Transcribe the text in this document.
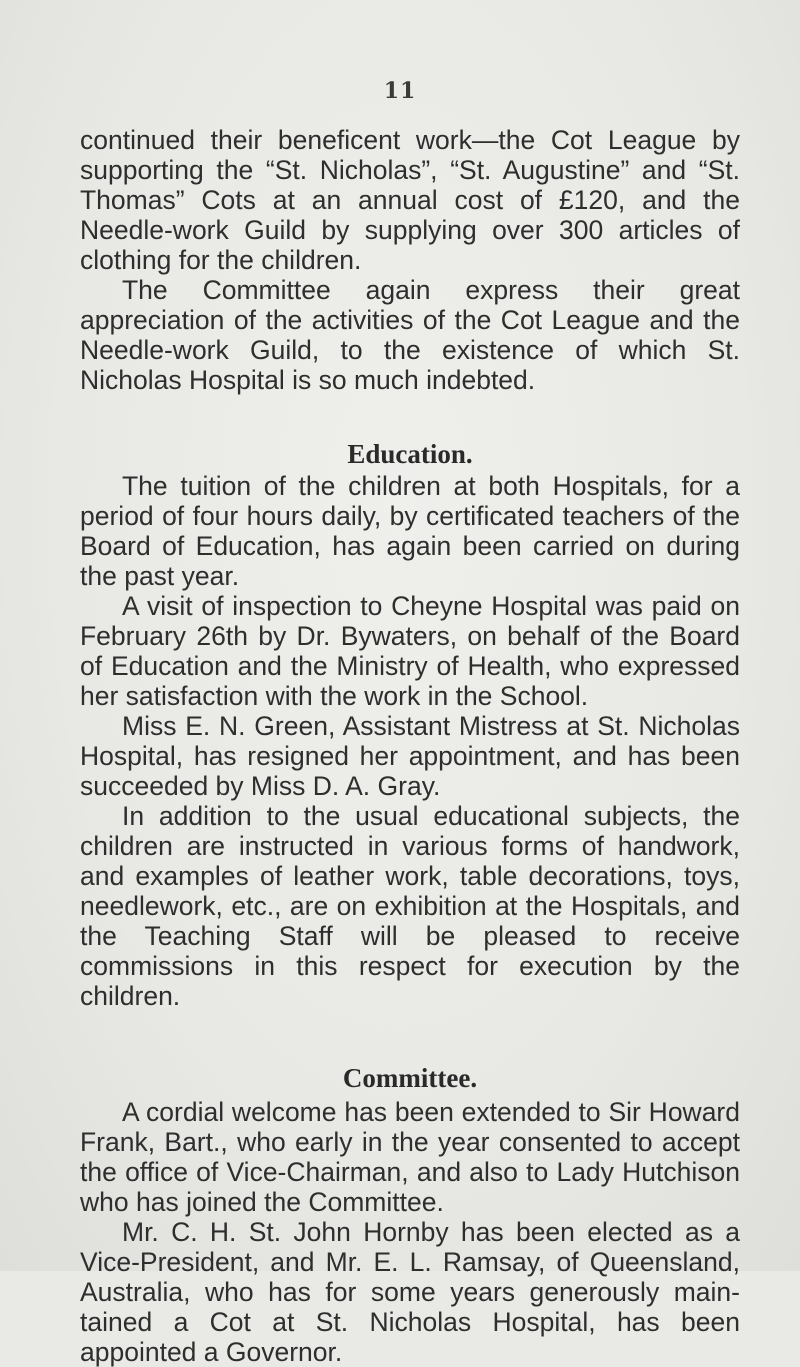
11

continued their beneficent work—the Cot League by supporting the “St. Nicholas”, “St. Augustine” and “St. Thomas” Cots at an annual cost of £120, and the Needle-work Guild by supplying over 300 articles of clothing for the children.

The Committee again express their great appreciation of the activities of the Cot League and the Needle-work Guild, to the existence of which St. Nicholas Hospital is so much indebted.

Education.

The tuition of the children at both Hospitals, for a period of four hours daily, by certificated teachers of the Board of Education, has again been carried on during the past year.

A visit of inspection to Cheyne Hospital was paid on February 26th by Dr. Bywaters, on behalf of the Board of Education and the Ministry of Health, who expressed her satisfaction with the work in the School.

Miss E. N. Green, Assistant Mistress at St. Nicholas Hospital, has resigned her appointment, and has been succeeded by Miss D. A. Gray.

In addition to the usual educational subjects, the children are instructed in various forms of handwork, and examples of leather work, table decorations, toys, needlework, etc., are on exhibition at the Hospitals, and the Teaching Staff will be pleased to receive commissions in this respect for execution by the children.

Committee.

A cordial welcome has been extended to Sir Howard Frank, Bart., who early in the year consented to accept the office of Vice-Chairman, and also to Lady Hutchison who has joined the Committee.

Mr. C. H. St. John Hornby has been elected as a Vice-President, and Mr. E. L. Ramsay, of Queensland, Australia, who has for some years generously main-tained a Cot at St. Nicholas Hospital, has been appointed a Governor.
